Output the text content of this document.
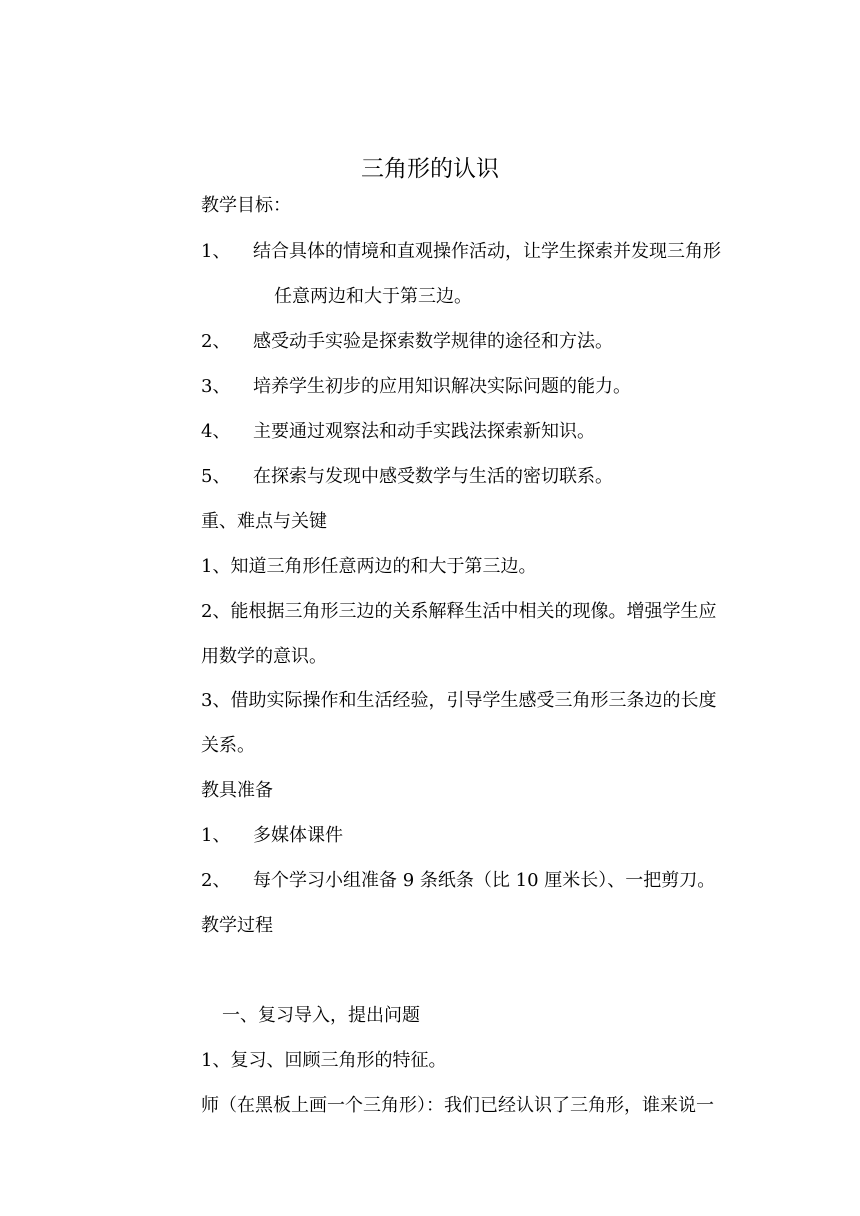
三角形的认识
教学目标：
1、 结合具体的情境和直观操作活动，让学生探索并发现三角形
任意两边和大于第三边。
2、 感受动手实验是探索数学规律的途径和方法。
3、 培养学生初步的应用知识解决实际问题的能力。
4、 主要通过观察法和动手实践法探索新知识。
5、 在探索与发现中感受数学与生活的密切联系。
重、难点与关键
1、知道三角形任意两边的和大于第三边。
2、能根据三角形三边的关系解释生活中相关的现像。增强学生应
用数学的意识。
3、借助实际操作和生活经验，引导学生感受三角形三条边的长度
关系。
教具准备
1、 多媒体课件
2、 每个学习小组准备 9 条纸条（比 10 厘米长）、一把剪刀。
教学过程
一、复习导入，提出问题
1、复习、回顾三角形的特征。
师（在黑板上画一个三角形）：我们已经认识了三角形，谁来说一
